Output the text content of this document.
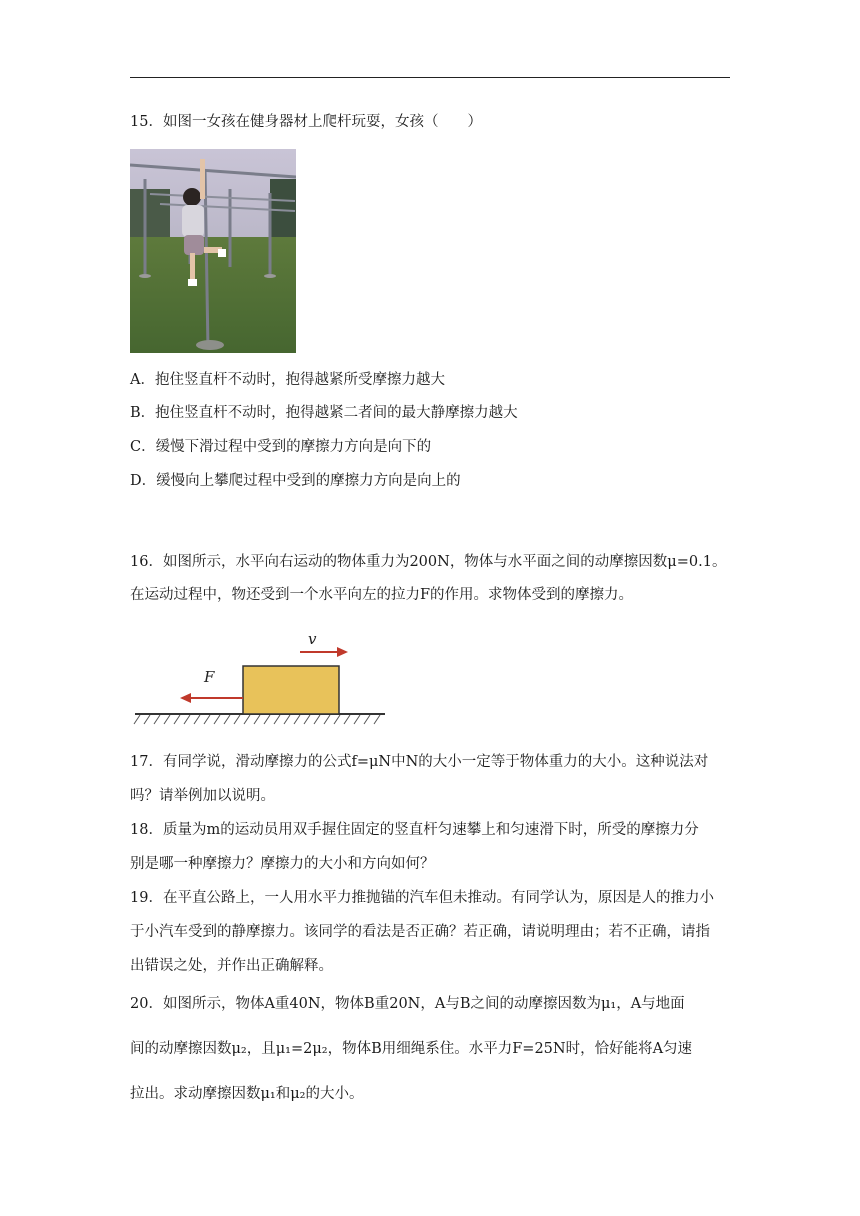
15．如图一女孩在健身器材上爬杆玩耍，女孩（　　）
A．抱住竖直杆不动时，抱得越紧所受摩擦力越大
B．抱住竖直杆不动时，抱得越紧二者间的最大静摩擦力越大
C．缓慢下滑过程中受到的摩擦力方向是向下的
D．缓慢向上攀爬过程中受到的摩擦力方向是向上的
16．如图所示，水平向右运动的物体重力为200N，物体与水平面之间的动摩擦因数μ=0.1。
在运动过程中，物还受到一个水平向左的拉力F的作用。求物体受到的摩擦力。
v
F
17．有同学说，滑动摩擦力的公式f=μN中N的大小一定等于物体重力的大小。这种说法对
吗？请举例加以说明。
18．质量为m的运动员用双手握住固定的竖直杆匀速攀上和匀速滑下时，所受的摩擦力分
别是哪一种摩擦力？摩擦力的大小和方向如何？
19．在平直公路上，一人用水平力推抛锚的汽车但未推动。有同学认为，原因是人的推力小
于小汽车受到的静摩擦力。该同学的看法是否正确？若正确，请说明理由；若不正确，请指
出错误之处，并作出正确解释。
20．如图所示，物体A重40N，物体B重20N，A与B之间的动摩擦因数为μ₁，A与地面
间的动摩擦因数μ₂，且μ₁=2μ₂，物体B用细绳系住。水平力F=25N时，恰好能将A匀速
拉出。求动摩擦因数μ₁和μ₂的大小。
